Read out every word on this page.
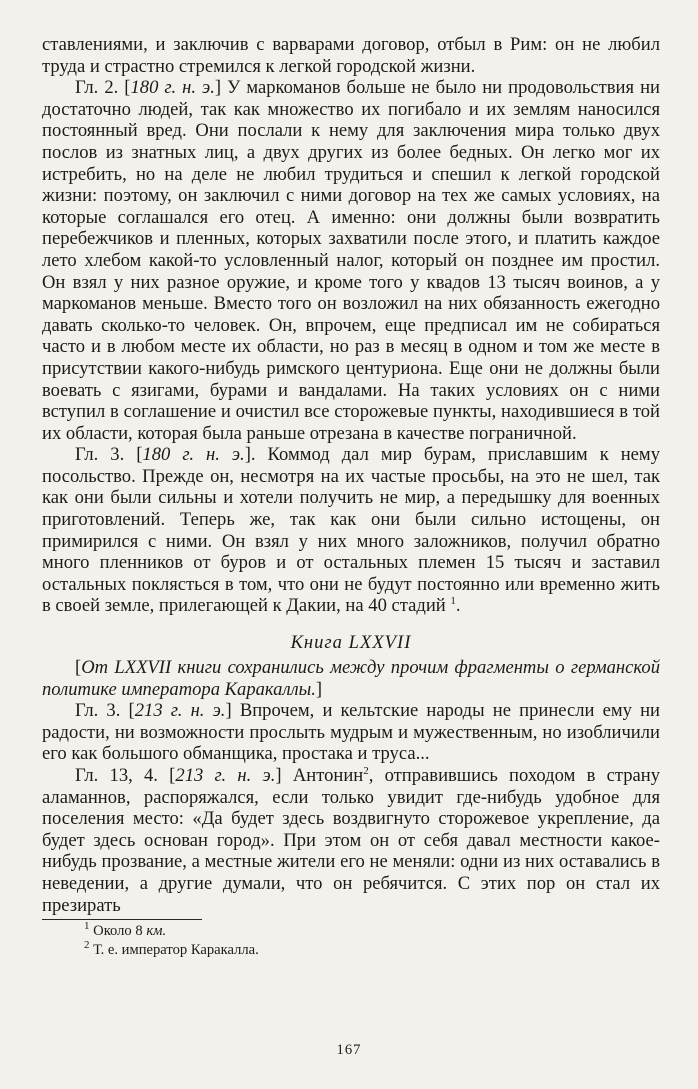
ставлениями, и заключив с варварами договор, отбыл в Рим: он не любил труда и страстно стремился к легкой городской жизни.

Гл. 2. [180 г. н. э.] У маркоманов больше не было ни продовольствия ни достаточно людей, так как множество их погибало и их землям наносился постоянный вред. Они послали к нему для заключения мира только двух послов из знатных лиц, а двух других из более бедных. Он легко мог их истребить, но на деле не любил трудиться и спешил к легкой городской жизни: поэтому, он заключил с ними договор на тех же самых условиях, на которые соглашался его отец. А именно: они должны были возвратить перебежчиков и пленных, которых захватили после этого, и платить каждое лето хлебом какой-то условленный налог, который он позднее им простил. Он взял у них разное оружие, и кроме того у квадов 13 тысяч воинов, а у маркоманов меньше. Вместо того он возложил на них обязанность ежегодно давать сколько-то человек. Он, впрочем, еще предписал им не собираться часто и в любом месте их области, но раз в месяц в одном и том же месте в присутствии какого-нибудь римского центуриона. Еще они не должны были воевать с язигами, бурами и вандалами. На таких условиях он с ними вступил в соглашение и очистил все сторожевые пункты, находившиеся в той их области, которая была раньше отрезана в качестве пограничной.

Гл. 3. [180 г. н. э.]. Коммод дал мир бурам, приславшим к нему посольство. Прежде он, несмотря на их частые просьбы, на это не шел, так как они были сильны и хотели получить не мир, а передышку для военных приготовлений. Теперь же, так как они были сильно истощены, он примирился с ними. Он взял у них много заложников, получил обратно много пленников от буров и от остальных племен 15 тысяч и заставил остальных поклясться в том, что они не будут постоянно или временно жить в своей земле, прилегающей к Дакии, на 40 стадий $^1$.

Книга LXXVII

[От LXXVII книги сохранились между прочим фрагменты о германской политике императора Каракаллы.]

Гл. 3. [213 г. н. э.] Впрочем, и кельтские народы не принесли ему ни радости, ни возможности прослыть мудрым и мужественным, но изобличили его как большого обманщика, простака и труса...

Гл. 13, 4. [213 г. н. э.] Антонин$^2$, отправившись походом в страну аламаннов, распоряжался, если только увидит где-нибудь удобное для поселения место: «Да будет здесь воздвигнуто сторожевое укрепление, да будет здесь основан город». При этом он от себя давал местности какое-нибудь прозвание, а местные жители его не меняли: одни из них оставались в неведении, а другие думали, что он ребячится. С этих пор он стал их презирать

$^1$ Около 8 км.

$^2$ Т. е. император Каракалла.

167
